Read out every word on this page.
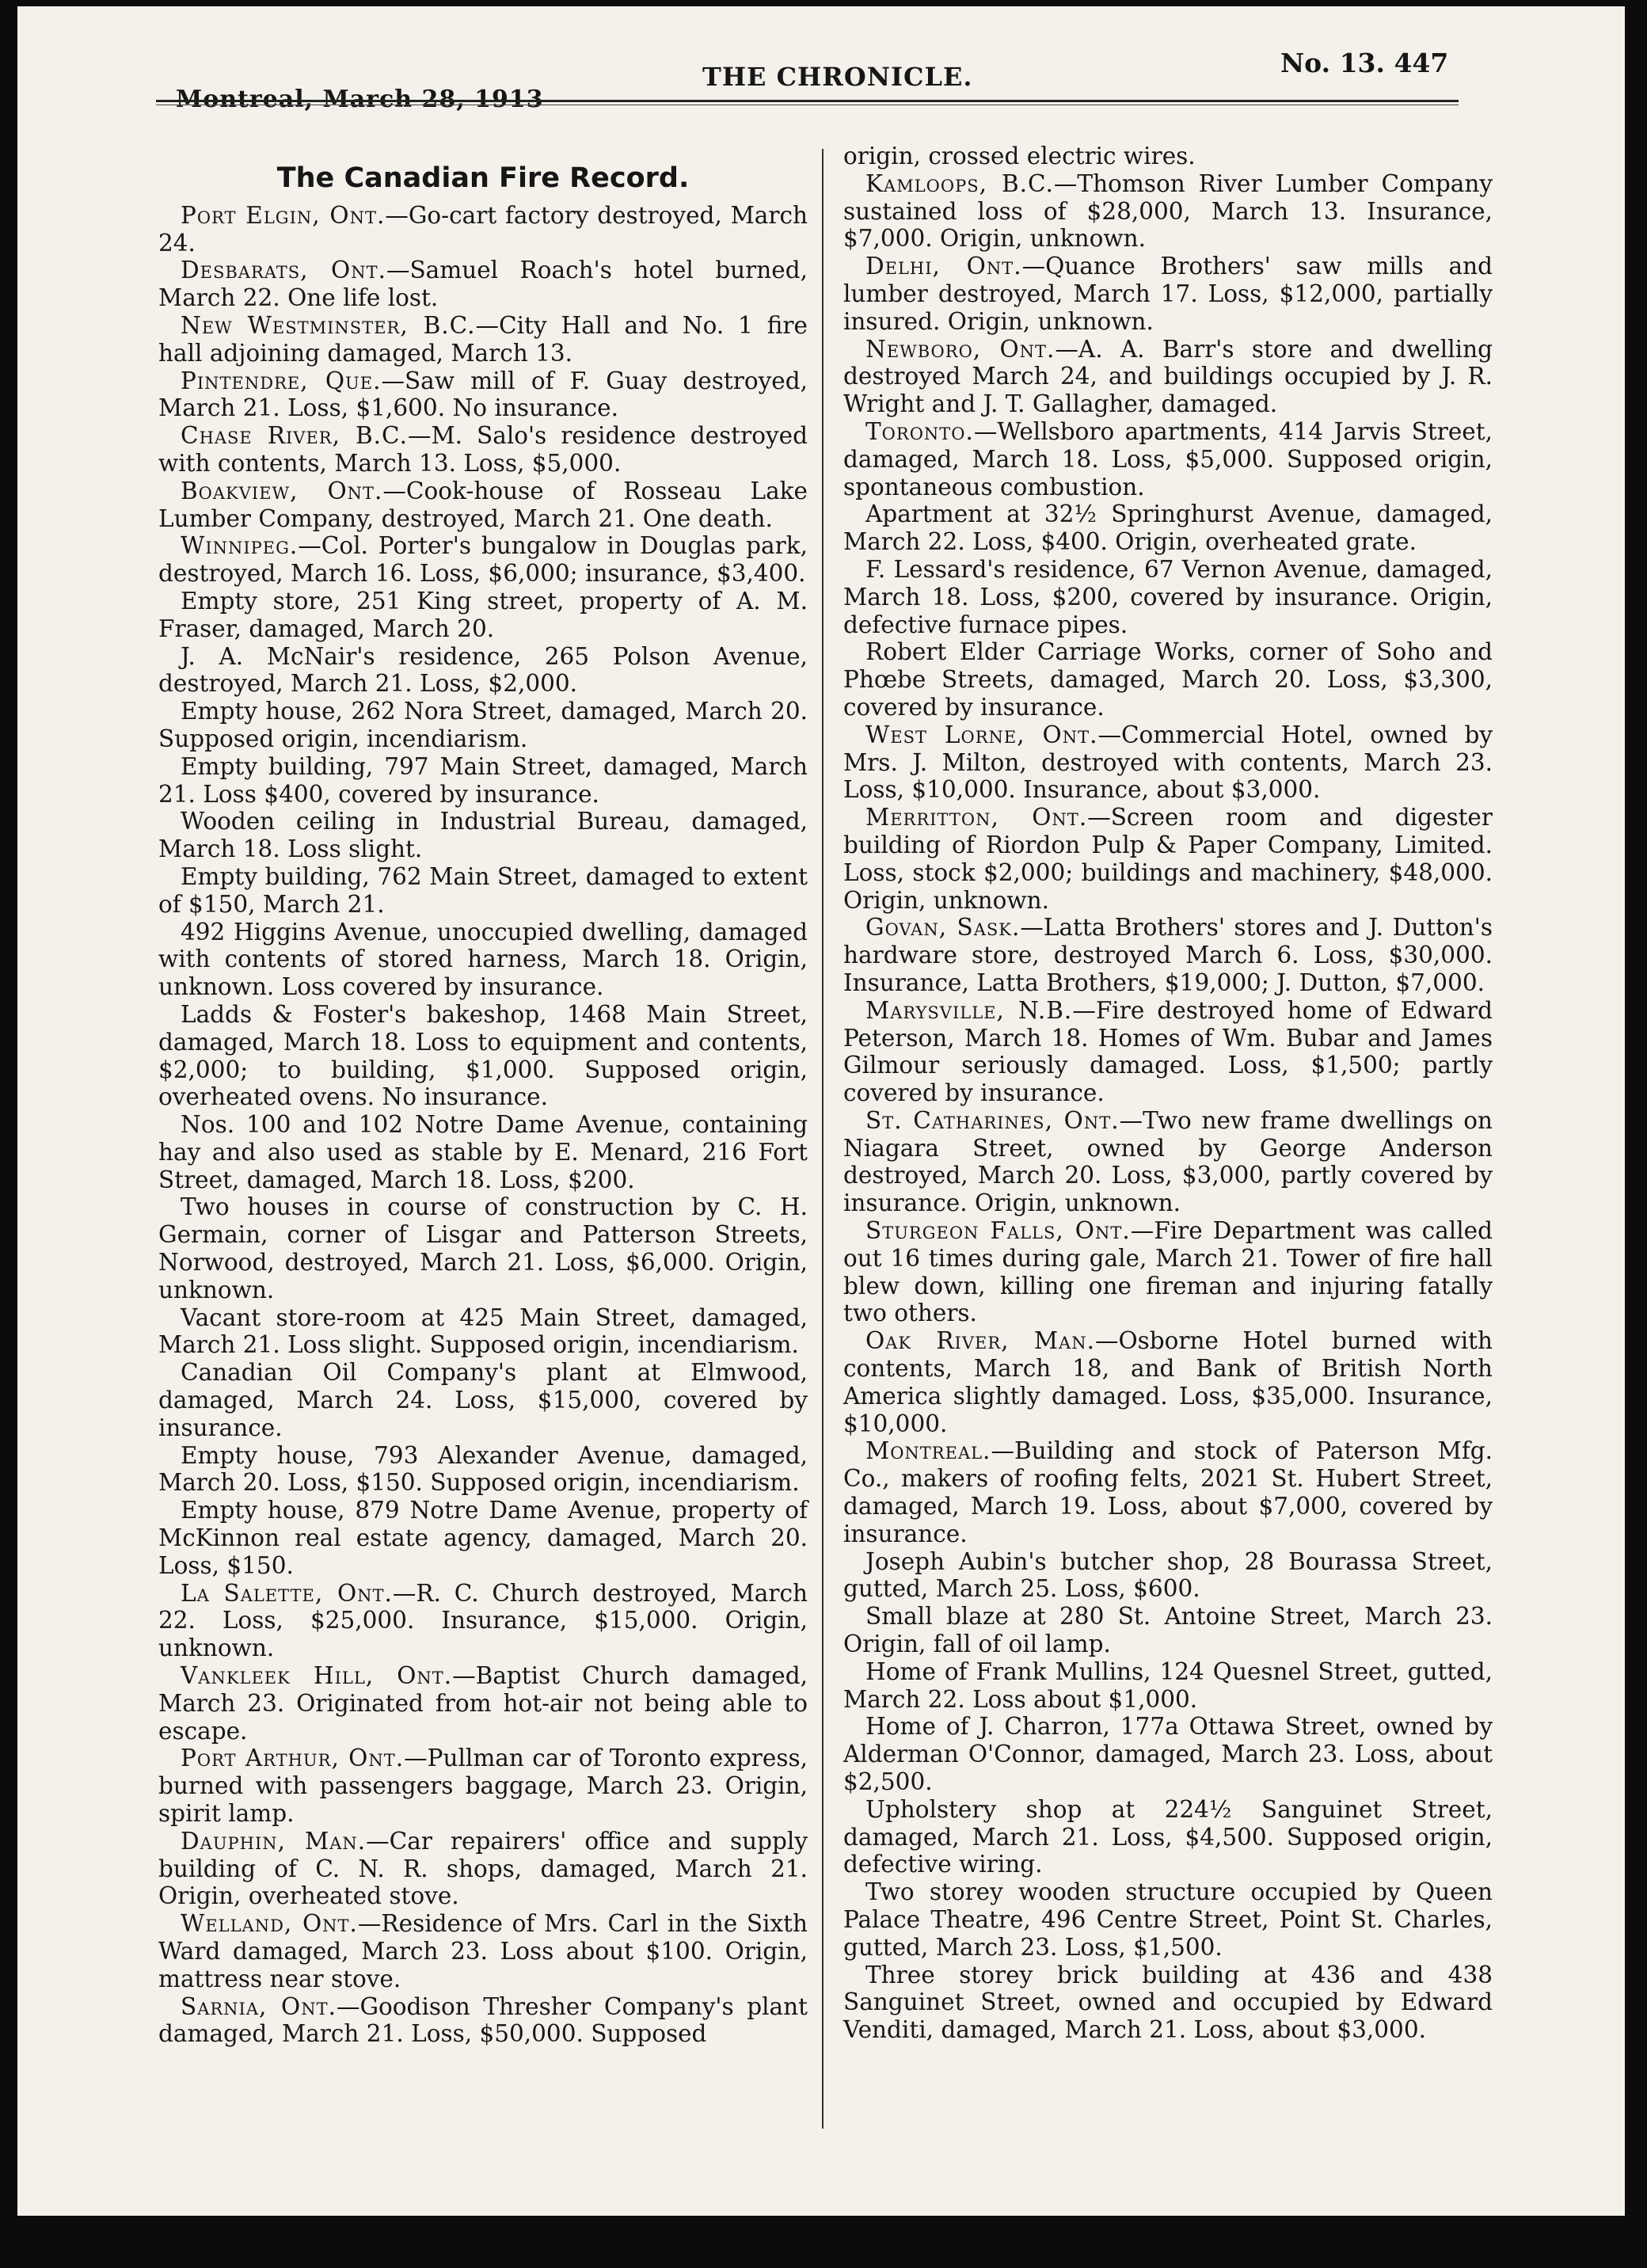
Montreal, March 28, 1913
THE CHRONICLE.	No. 13. 447
The Canadian Fire Record.

Port Elgin, Ont.—Go-cart factory destroyed, March 24.

Desbarats, Ont.—Samuel Roach's hotel burned, March 22. One life lost.

New Westminster, B.C.—City Hall and No. 1 fire hall adjoining damaged, March 13.

Pintendre, Que.—Saw mill of F. Guay destroyed, March 21. Loss, $1,600. No insurance.

Chase River, B.C.—M. Salo's residence destroyed with contents, March 13. Loss, $5,000.

Boakview, Ont.—Cook-house of Rosseau Lake Lumber Company, destroyed, March 21. One death.

Winnipeg.—Col. Porter's bungalow in Douglas park, destroyed, March 16. Loss, $6,000; insurance, $3,400.

Empty store, 251 King street, property of A. M. Fraser, damaged, March 20.

J. A. McNair's residence, 265 Polson Avenue, destroyed, March 21. Loss, $2,000.

Empty house, 262 Nora Street, damaged, March 20. Supposed origin, incendiarism.

Empty building, 797 Main Street, damaged, March 21. Loss $400, covered by insurance.

Wooden ceiling in Industrial Bureau, damaged, March 18. Loss slight.

Empty building, 762 Main Street, damaged to extent of $150, March 21.

492 Higgins Avenue, unoccupied dwelling, damaged with contents of stored harness, March 18. Origin, unknown. Loss covered by insurance.

Ladds & Foster's bakeshop, 1468 Main Street, damaged, March 18. Loss to equipment and contents, $2,000; to building, $1,000. Supposed origin, overheated ovens. No insurance.

Nos. 100 and 102 Notre Dame Avenue, containing hay and also used as stable by E. Menard, 216 Fort Street, damaged, March 18. Loss, $200.

Two houses in course of construction by C. H. Germain, corner of Lisgar and Patterson Streets, Norwood, destroyed, March 21. Loss, $6,000. Origin, unknown.

Vacant store-room at 425 Main Street, damaged, March 21. Loss slight. Supposed origin, incendiarism.

Canadian Oil Company's plant at Elmwood, damaged, March 24. Loss, $15,000, covered by insurance.

Empty house, 793 Alexander Avenue, damaged, March 20. Loss, $150. Supposed origin, incendiarism.

Empty house, 879 Notre Dame Avenue, property of McKinnon real estate agency, damaged, March 20. Loss, $150.

La Salette, Ont.—R. C. Church destroyed, March 22. Loss, $25,000. Insurance, $15,000. Origin, unknown.

Vankleek Hill, Ont.—Baptist Church damaged, March 23. Originated from hot-air not being able to escape.

Port Arthur, Ont.—Pullman car of Toronto express, burned with passengers baggage, March 23. Origin, spirit lamp.

Dauphin, Man.—Car repairers' office and supply building of C. N. R. shops, damaged, March 21. Origin, overheated stove.

Welland, Ont.—Residence of Mrs. Carl in the Sixth Ward damaged, March 23. Loss about $100. Origin, mattress near stove.

Sarnia, Ont.—Goodison Thresher Company's plant damaged, March 21. Loss, $50,000. Supposed

origin, crossed electric wires.

Kamloops, B.C.—Thomson River Lumber Company sustained loss of $28,000, March 13. Insurance, $7,000. Origin, unknown.

Delhi, Ont.—Quance Brothers' saw mills and lumber destroyed, March 17. Loss, $12,000, partially insured. Origin, unknown.

Newboro, Ont.—A. A. Barr's store and dwelling destroyed March 24, and buildings occupied by J. R. Wright and J. T. Gallagher, damaged.

Toronto.—Wellsboro apartments, 414 Jarvis Street, damaged, March 18. Loss, $5,000. Supposed origin, spontaneous combustion.

Apartment at 32½ Springhurst Avenue, damaged, March 22. Loss, $400. Origin, overheated grate.

F. Lessard's residence, 67 Vernon Avenue, damaged, March 18. Loss, $200, covered by insurance. Origin, defective furnace pipes.

Robert Elder Carriage Works, corner of Soho and Phœbe Streets, damaged, March 20. Loss, $3,300, covered by insurance.

West Lorne, Ont.—Commercial Hotel, owned by Mrs. J. Milton, destroyed with contents, March 23. Loss, $10,000. Insurance, about $3,000.

Merritton, Ont.—Screen room and digester building of Riordon Pulp & Paper Company, Limited. Loss, stock $2,000; buildings and machinery, $48,000. Origin, unknown.

Govan, Sask.—Latta Brothers' stores and J. Dutton's hardware store, destroyed March 6. Loss, $30,000. Insurance, Latta Brothers, $19,000; J. Dutton, $7,000.

Marysville, N.B.—Fire destroyed home of Edward Peterson, March 18. Homes of Wm. Bubar and James Gilmour seriously damaged. Loss, $1,500; partly covered by insurance.

St. Catharines, Ont.—Two new frame dwellings on Niagara Street, owned by George Anderson destroyed, March 20. Loss, $3,000, partly covered by insurance. Origin, unknown.

Sturgeon Falls, Ont.—Fire Department was called out 16 times during gale, March 21. Tower of fire hall blew down, killing one fireman and injuring fatally two others.

Oak River, Man.—Osborne Hotel burned with contents, March 18, and Bank of British North America slightly damaged. Loss, $35,000. Insurance, $10,000.

Montreal.—Building and stock of Paterson Mfg. Co., makers of roofing felts, 2021 St. Hubert Street, damaged, March 19. Loss, about $7,000, covered by insurance.

Joseph Aubin's butcher shop, 28 Bourassa Street, gutted, March 25. Loss, $600.

Small blaze at 280 St. Antoine Street, March 23. Origin, fall of oil lamp.

Home of Frank Mullins, 124 Quesnel Street, gutted, March 22. Loss about $1,000.

Home of J. Charron, 177a Ottawa Street, owned by Alderman O'Connor, damaged, March 23. Loss, about $2,500.

Upholstery shop at 224½ Sanguinet Street, damaged, March 21. Loss, $4,500. Supposed origin, defective wiring.

Two storey wooden structure occupied by Queen Palace Theatre, 496 Centre Street, Point St. Charles, gutted, March 23. Loss, $1,500.

Three storey brick building at 436 and 438 Sanguinet Street, owned and occupied by Edward Venditi, damaged, March 21. Loss, about $3,000.
